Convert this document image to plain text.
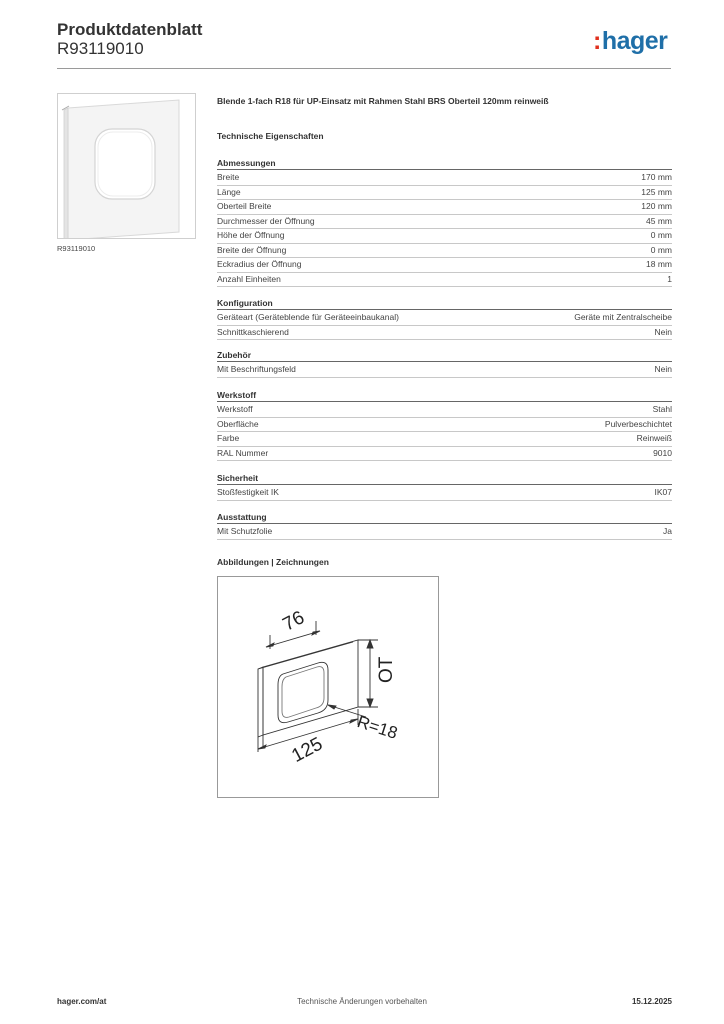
Produktdatenblatt
R93119010	:hager
R93119010
Blende 1-fach R18 für UP-Einsatz mit Rahmen Stahl BRS Oberteil 120mm reinweiß
Technische Eigenschaften
Abmessungen
Breite	170 mm
Länge	125 mm
Oberteil Breite	120 mm
Durchmesser der Öffnung	45 mm
Höhe der Öffnung	0 mm
Breite der Öffnung	0 mm
Eckradius der Öffnung	18 mm
Anzahl Einheiten	1
Konfiguration
Geräteart (Geräteblende für Geräteeinbaukanal)	Geräte mit Zentralscheibe
Schnittkaschierend	Nein
Zubehör
Mit Beschriftungsfeld	Nein
Werkstoff
Werkstoff	Stahl
Oberfläche	Pulverbeschichtet
Farbe	Reinweiß
RAL Nummer	9010
Sicherheit
Stoßfestigkeit IK	IK07
Ausstattung
Mit Schutzfolie	Ja
Abbildungen | Zeichnungen
76
OT
R=18
125
Technische Änderungen vorbehalten
hager.com/at	15.12.2025
